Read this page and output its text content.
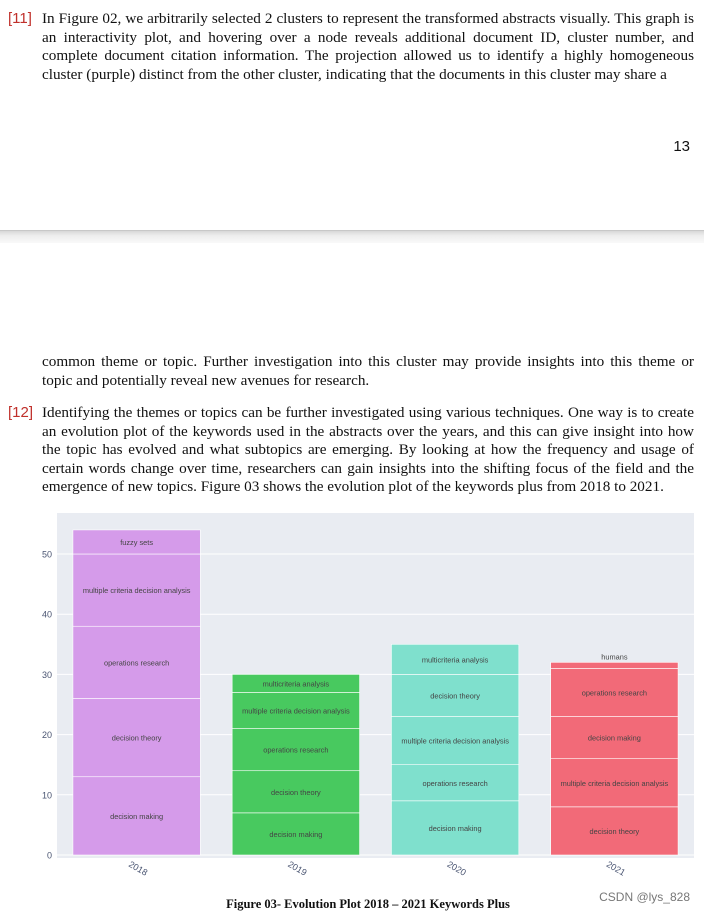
[11] In Figure 02, we arbitrarily selected 2 clusters to represent the transformed abstracts visually. This graph is an interactivity plot, and hovering over a node reveals additional document ID, cluster number, and complete document citation information. The projection allowed us to identify a highly homogeneous cluster (purple) distinct from the other cluster, indicating that the documents in this cluster may share a

13

common theme or topic. Further investigation into this cluster may provide insights into this theme or topic and potentially reveal new avenues for research.

[12] Identifying the themes or topics can be further investigated using various techniques. One way is to create an evolution plot of the keywords used in the abstracts over the years, and this can give insight into how the topic has evolved and what subtopics are emerging. By looking at how the frequency and usage of certain words change over time, researchers can gain insights into the shifting focus of the field and the emergence of new topics. Figure 03 shows the evolution plot of the keywords plus from 2018 to 2021.

0
10
20
30
40
50
decision making
decision theory
operations research
multiple criteria decision analysis
fuzzy sets
2018
decision making
decision theory
operations research
multiple criteria decision analysis
multicriteria analysis
2019
decision making
operations research
multiple criteria decision analysis
decision theory
multicriteria analysis
2020
decision theory
multiple criteria decision analysis
decision making
operations research
humans
2021
Figure 03- Evolution Plot 2018 – 2021 Keywords Plus	CSDN @lys_828
